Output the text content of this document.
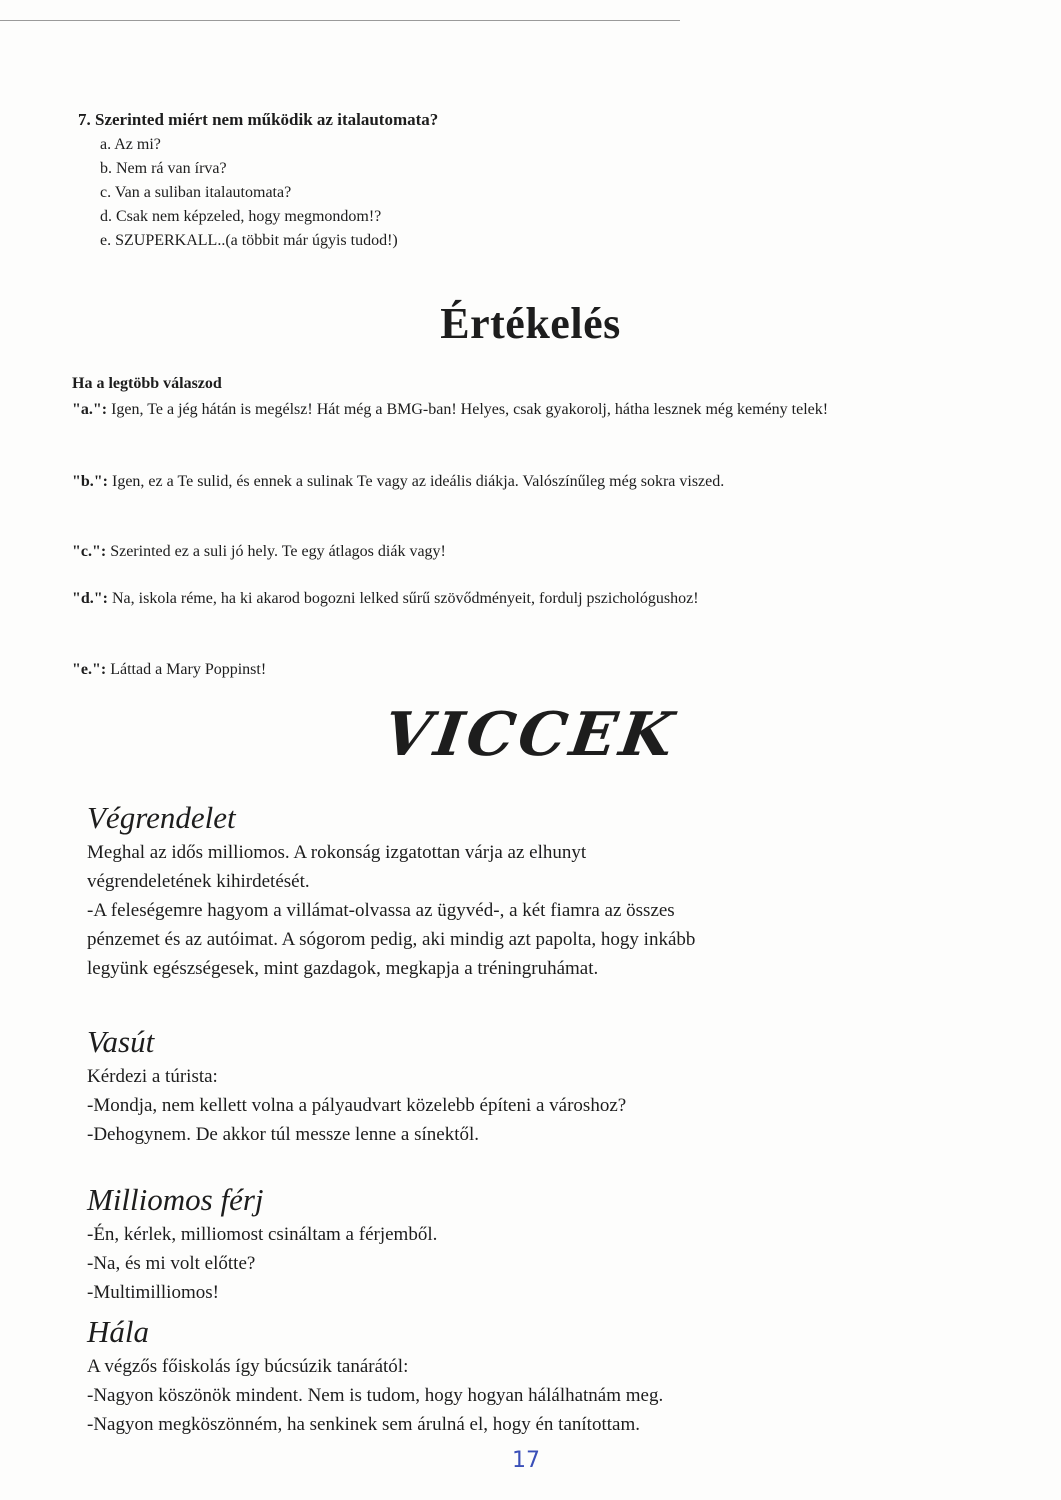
7. Szerinted miért nem működik az italautomata?
a. Az mi?
b. Nem rá van írva?
c. Van a suliban italautomata?
d. Csak nem képzeled, hogy megmondom!?
e. SZUPERKALL..(a többit már úgyis tudod!)
Értékelés
Ha a legtöbb válaszod
"a.": Igen, Te a jég hátán is megélsz! Hát még a BMG-ban! Helyes, csak gyakorolj, hátha lesznek még kemény telek!
"b.": Igen, ez a Te sulid, és ennek a sulinak Te vagy az ideális diákja. Valószínűleg még sokra viszed.
"c.": Szerinted ez a suli jó hely. Te egy átlagos diák vagy!
"d.": Na, iskola réme, ha ki akarod bogozni lelked sűrű szövődményeit, fordulj pszichológushoz!
"e.": Láttad a Mary Poppinst!
VICCEK
Végrendelet
Meghal az idős milliomos. A rokonság izgatottan várja az elhunyt
végrendeletének kihirdetését.
-A feleségemre hagyom a villámat-olvassa az ügyvéd-, a két fiamra az összes
pénzemet és az autóimat. A sógorom pedig, aki mindig azt papolta, hogy inkább
legyünk egészségesek, mint gazdagok, megkapja a tréningruhámat.
Vasút
Kérdezi a túrista:
-Mondja, nem kellett volna a pályaudvart közelebb építeni a városhoz?
-Dehogynem. De akkor túl messze lenne a sínektől.
Milliomos férj
-Én, kérlek, milliomost csináltam a férjemből.
-Na, és mi volt előtte?
-Multimilliomos!
Hála
A végzős főiskolás így búcsúzik tanárától:
-Nagyon köszönök mindent. Nem is tudom, hogy hogyan hálálhatnám meg.
-Nagyon megköszönném, ha senkinek sem árulná el, hogy én tanítottam.
17
